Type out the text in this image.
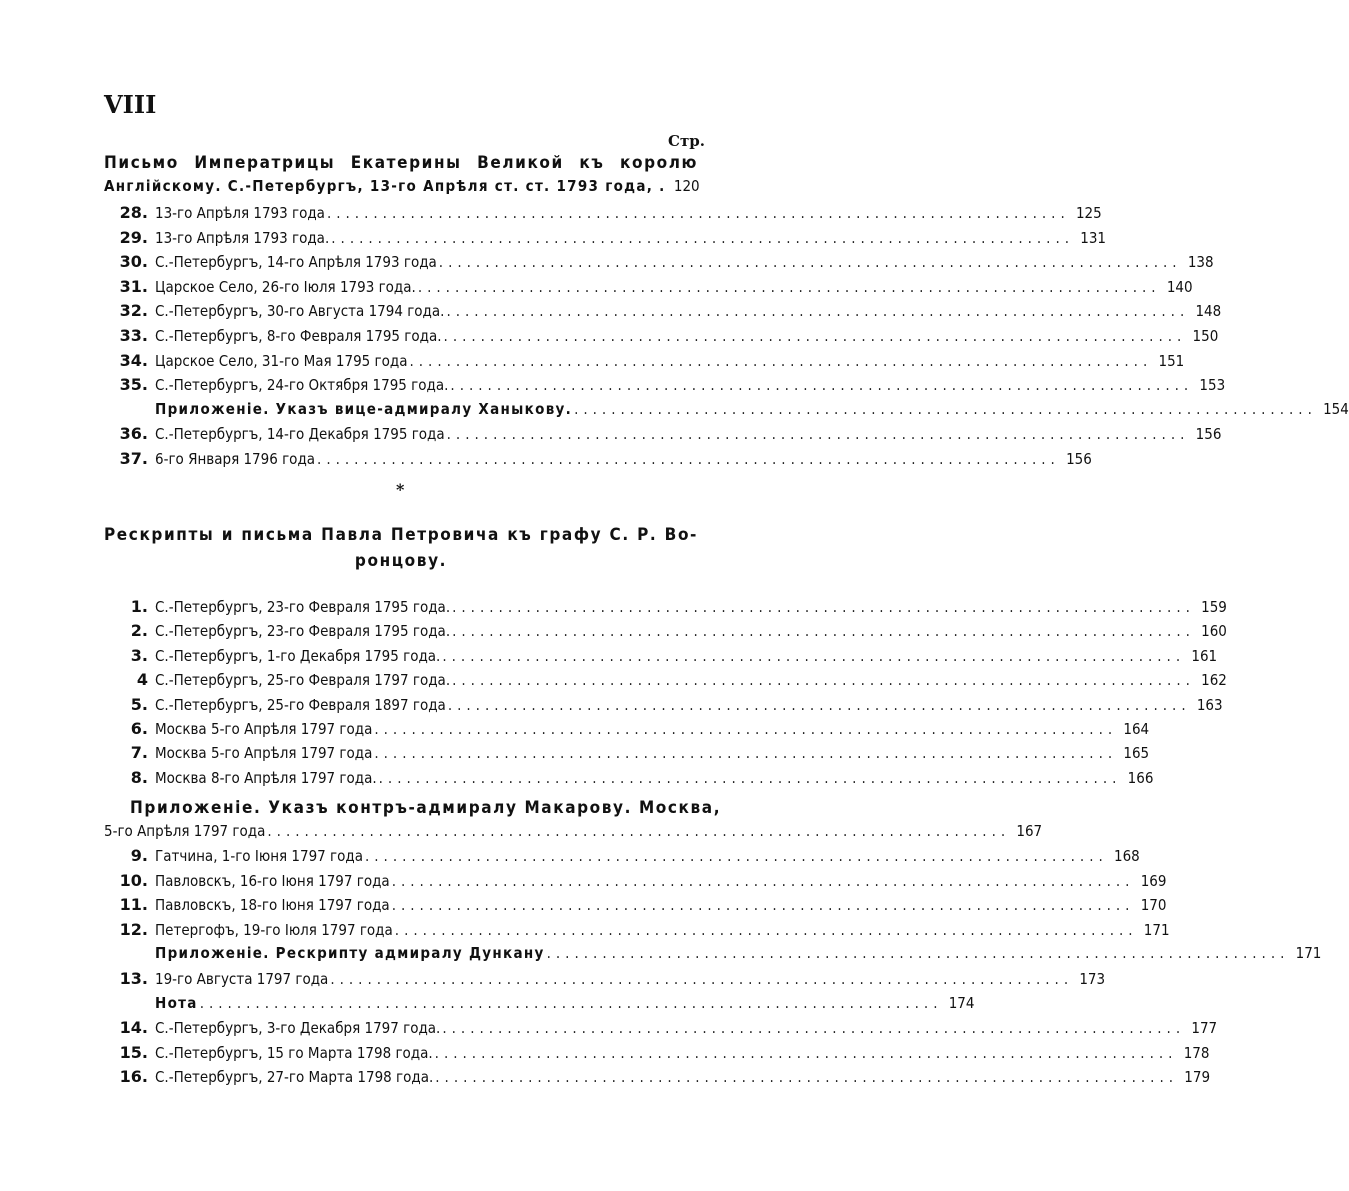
VIII
Стр.
Письмо Императрицы Екатерины Великой къ королю
Англійскому. С.-Петербургъ, 13-го Апрѣля ст. ст. 1793 года, . 120
28. 13-го Апрѣля 1793 года ................................................................................ 125
29. 13-го Апрѣля 1793 года. ................................................................................ 131
30. С.-Петербургъ, 14-го Апрѣля 1793 года ................................................................................ 138
31. Царское Село, 26-го Іюля 1793 года. ................................................................................ 140
32. С.-Петербургъ, 30-го Августа 1794 года. ................................................................................ 148
33. С.-Петербургъ, 8-го Февраля 1795 года. ................................................................................ 150
34. Царское Село, 31-го Мая 1795 года ................................................................................ 151
35. С.-Петербургъ, 24-го Октября 1795 года. ................................................................................ 153
Приложеніе. Указъ вице-адмиралу Ханыкову. ................................................................................ 154
36. С.-Петербургъ, 14-го Декабря 1795 года ................................................................................ 156
37. 6-го Января 1796 года ................................................................................ 156
*
Рескрипты и письма Павла Петровича къ графу С. Р. Во-
ронцову.
1. С.-Петербургъ, 23-го Февраля 1795 года. ................................................................................ 159
2. С.-Петербургъ, 23-го Февраля 1795 года. ................................................................................ 160
3. С.-Петербургъ, 1-го Декабря 1795 года. ................................................................................ 161
4 С.-Петербургъ, 25-го Февраля 1797 года. ................................................................................ 162
5. С.-Петербургъ, 25-го Февраля 1897 года ................................................................................ 163
6. Москва 5-го Апрѣля 1797 года ................................................................................ 164
7. Москва 5-го Апрѣля 1797 года ................................................................................ 165
8. Москва 8-го Апрѣля 1797 года. ................................................................................ 166
Приложеніе. Указъ контръ-адмиралу Макарову. Москва,
5-го Апрѣля 1797 года ................................................................................ 167
9. Гатчина, 1-го Іюня 1797 года ................................................................................ 168
10. Павловскъ, 16-го Іюня 1797 года ................................................................................ 169
11. Павловскъ, 18-го Іюня 1797 года ................................................................................ 170
12. Петергофъ, 19-го Іюля 1797 года ................................................................................ 171
Приложеніе. Рескрипту адмиралу Дункану ................................................................................ 171
13. 19-го Августа 1797 года ................................................................................ 173
Нота ................................................................................ 174
14. С.-Петербургъ, 3-го Декабря 1797 года. ................................................................................ 177
15. С.-Петербургъ, 15 го Марта 1798 года. ................................................................................ 178
16. С.-Петербургъ, 27-го Марта 1798 года. ................................................................................ 179
